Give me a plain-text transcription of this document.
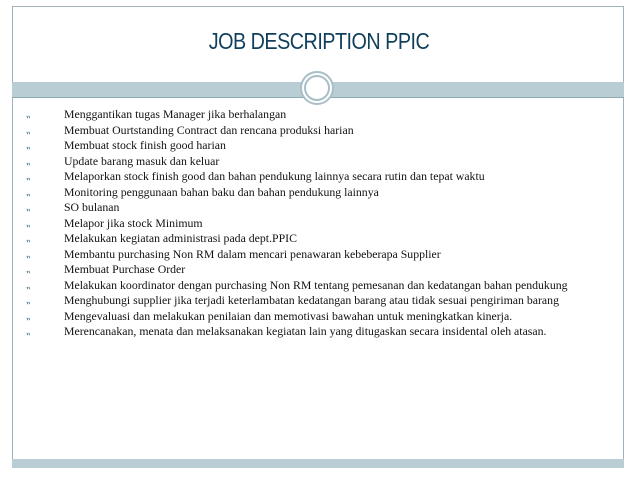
JOB DESCRIPTION PPIC
⹂	Menggantikan tugas Manager jika berhalangan
⹂	Membuat Ourtstanding Contract dan rencana produksi harian
⹂	Membuat stock finish good harian
⹂	Update barang masuk dan keluar
⹂	Melaporkan stock finish good dan bahan pendukung lainnya secara rutin dan tepat waktu
⹂	Monitoring penggunaan bahan baku dan bahan pendukung lainnya
⹂	SO bulanan
⹂	Melapor jika stock Minimum
⹂	Melakukan kegiatan administrasi pada dept.PPIC
⹂	Membantu purchasing Non RM dalam mencari penawaran kebeberapa Supplier
⹂	Membuat Purchase Order
⹂	Melakukan koordinator dengan purchasing Non RM tentang pemesanan dan kedatangan bahan pendukung
⹂	Menghubungi supplier jika terjadi keterlambatan kedatangan barang atau tidak sesuai pengiriman barang
⹂	Mengevaluasi dan melakukan penilaian dan memotivasi bawahan untuk meningkatkan kinerja.
⹂	Merencanakan, menata dan melaksanakan kegiatan lain yang ditugaskan secara insidental oleh atasan.
